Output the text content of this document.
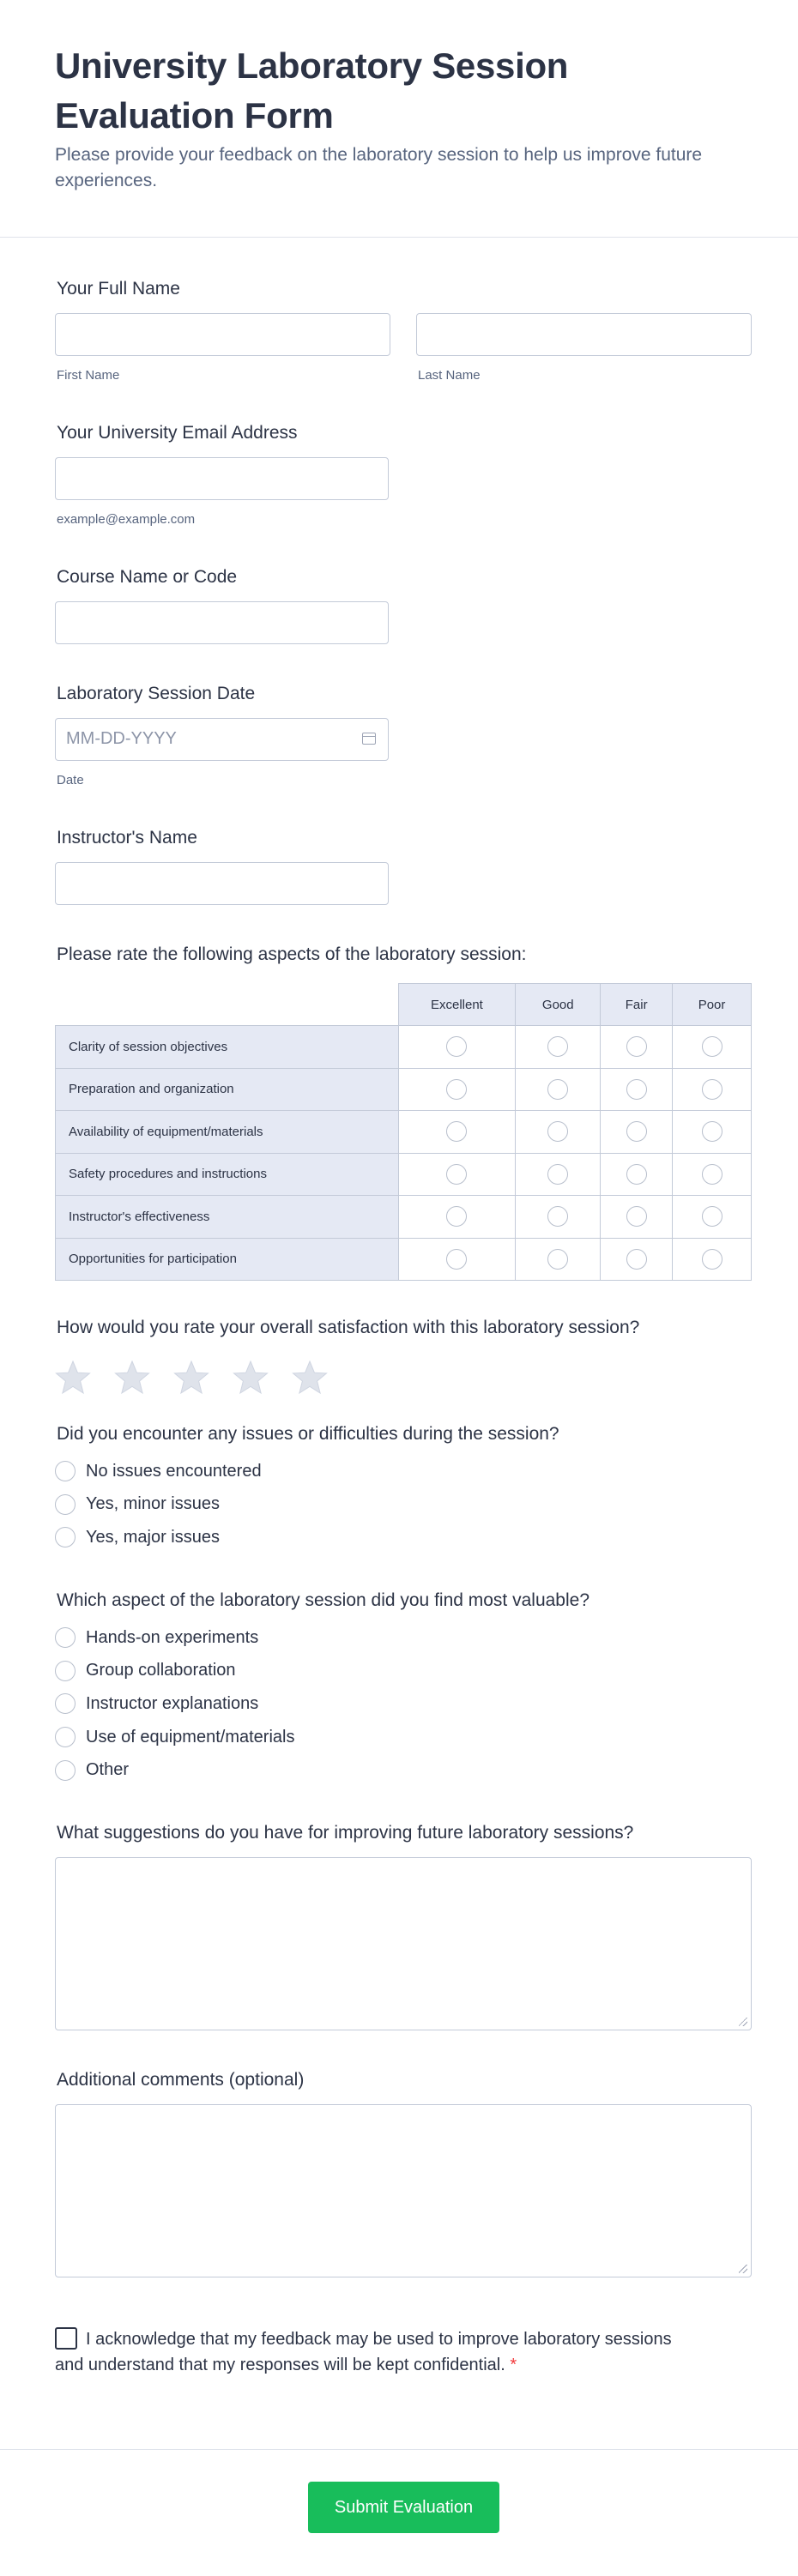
University Laboratory Session Evaluation Form
Please provide your feedback on the laboratory session to help us improve future experiences.
Your Full Name
First Name	Last Name
Your University Email Address
example@example.com
Course Name or Code
Laboratory Session Date
MM-DD-YYYY
Date
Instructor's Name
Please rate the following aspects of the laboratory session:
	Excellent	Good	Fair	Poor
Clarity of session objectives				
Preparation and organization				
Availability of equipment/materials				
Safety procedures and instructions				
Instructor's effectiveness				
Opportunities for participation				
How would you rate your overall satisfaction with this laboratory session?
Did you encounter any issues or difficulties during the session?
No issues encountered
Yes, minor issues
Yes, major issues
Which aspect of the laboratory session did you find most valuable?
Hands-on experiments
Group collaboration
Instructor explanations
Use of equipment/materials
Other
What suggestions do you have for improving future laboratory sessions?
Additional comments (optional)
I acknowledge that my feedback may be used to improve laboratory sessions and understand that my responses will be kept confidential. *
Submit Evaluation
